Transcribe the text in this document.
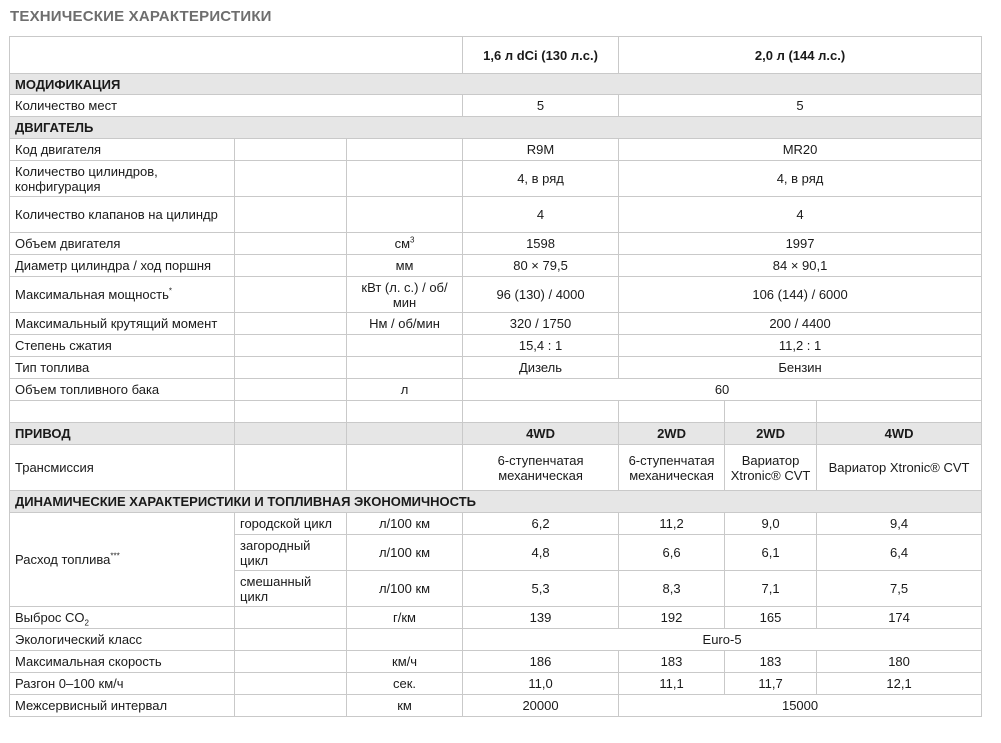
ТЕХНИЧЕСКИЕ ХАРАКТЕРИСТИКИ
			1,6 л dCi (130 л.с.)	2,0 л (144 л.с.)		
МОДИФИКАЦИЯ						
Количество мест			5	5		
ДВИГАТЕЛЬ						
Код двигателя			R9M	MR20		
Количество цилиндров, конфигурация			4, в ряд	4, в ряд		
Количество клапанов на цилиндр			4	4		
Объем двигателя		$см^3$	1598	1997		
Диаметр цилиндра / ход поршня		мм	80 × 79,5	84 × 90,1		
Максимальная мощность*		кВт (л. с.) / об/мин	96 (130) / 4000	106 (144) / 6000		
Максимальный крутящий момент		Нм / об/мин	320 / 1750	200 / 4400		
Степень сжатия			15,4 : 1	11,2 : 1		
Тип топлива			Дизель	Бензин		
Объем топливного бака		л	60			

ПРИВОД			4WD	2WD	2WD	4WD
Трансмиссия			6-ступенчатая механическая	6-ступенчатая механическая	Вариатор Xtronic® CVT	Вариатор Xtronic® CVT
ДИНАМИЧЕСКИЕ ХАРАКТЕРИСТИКИ И ТОПЛИВНАЯ ЭКОНОМИЧНОСТЬ						
Расход топлива***	городской цикл	л/100 км	6,2	11,2	9,0	9,4
	загородный цикл	л/100 км	4,8	6,6	6,1	6,4
	смешанный цикл	л/100 км	5,3	8,3	7,1	7,5
Выброс $CO_2$		г/км	139	192	165	174
Экологический класс			Euro-5			
Максимальная скорость		км/ч	186	183	183	180
Разгон 0–100 км/ч		сек.	11,0	11,1	11,7	12,1
Межсервисный интервал		км	20000	15000		
